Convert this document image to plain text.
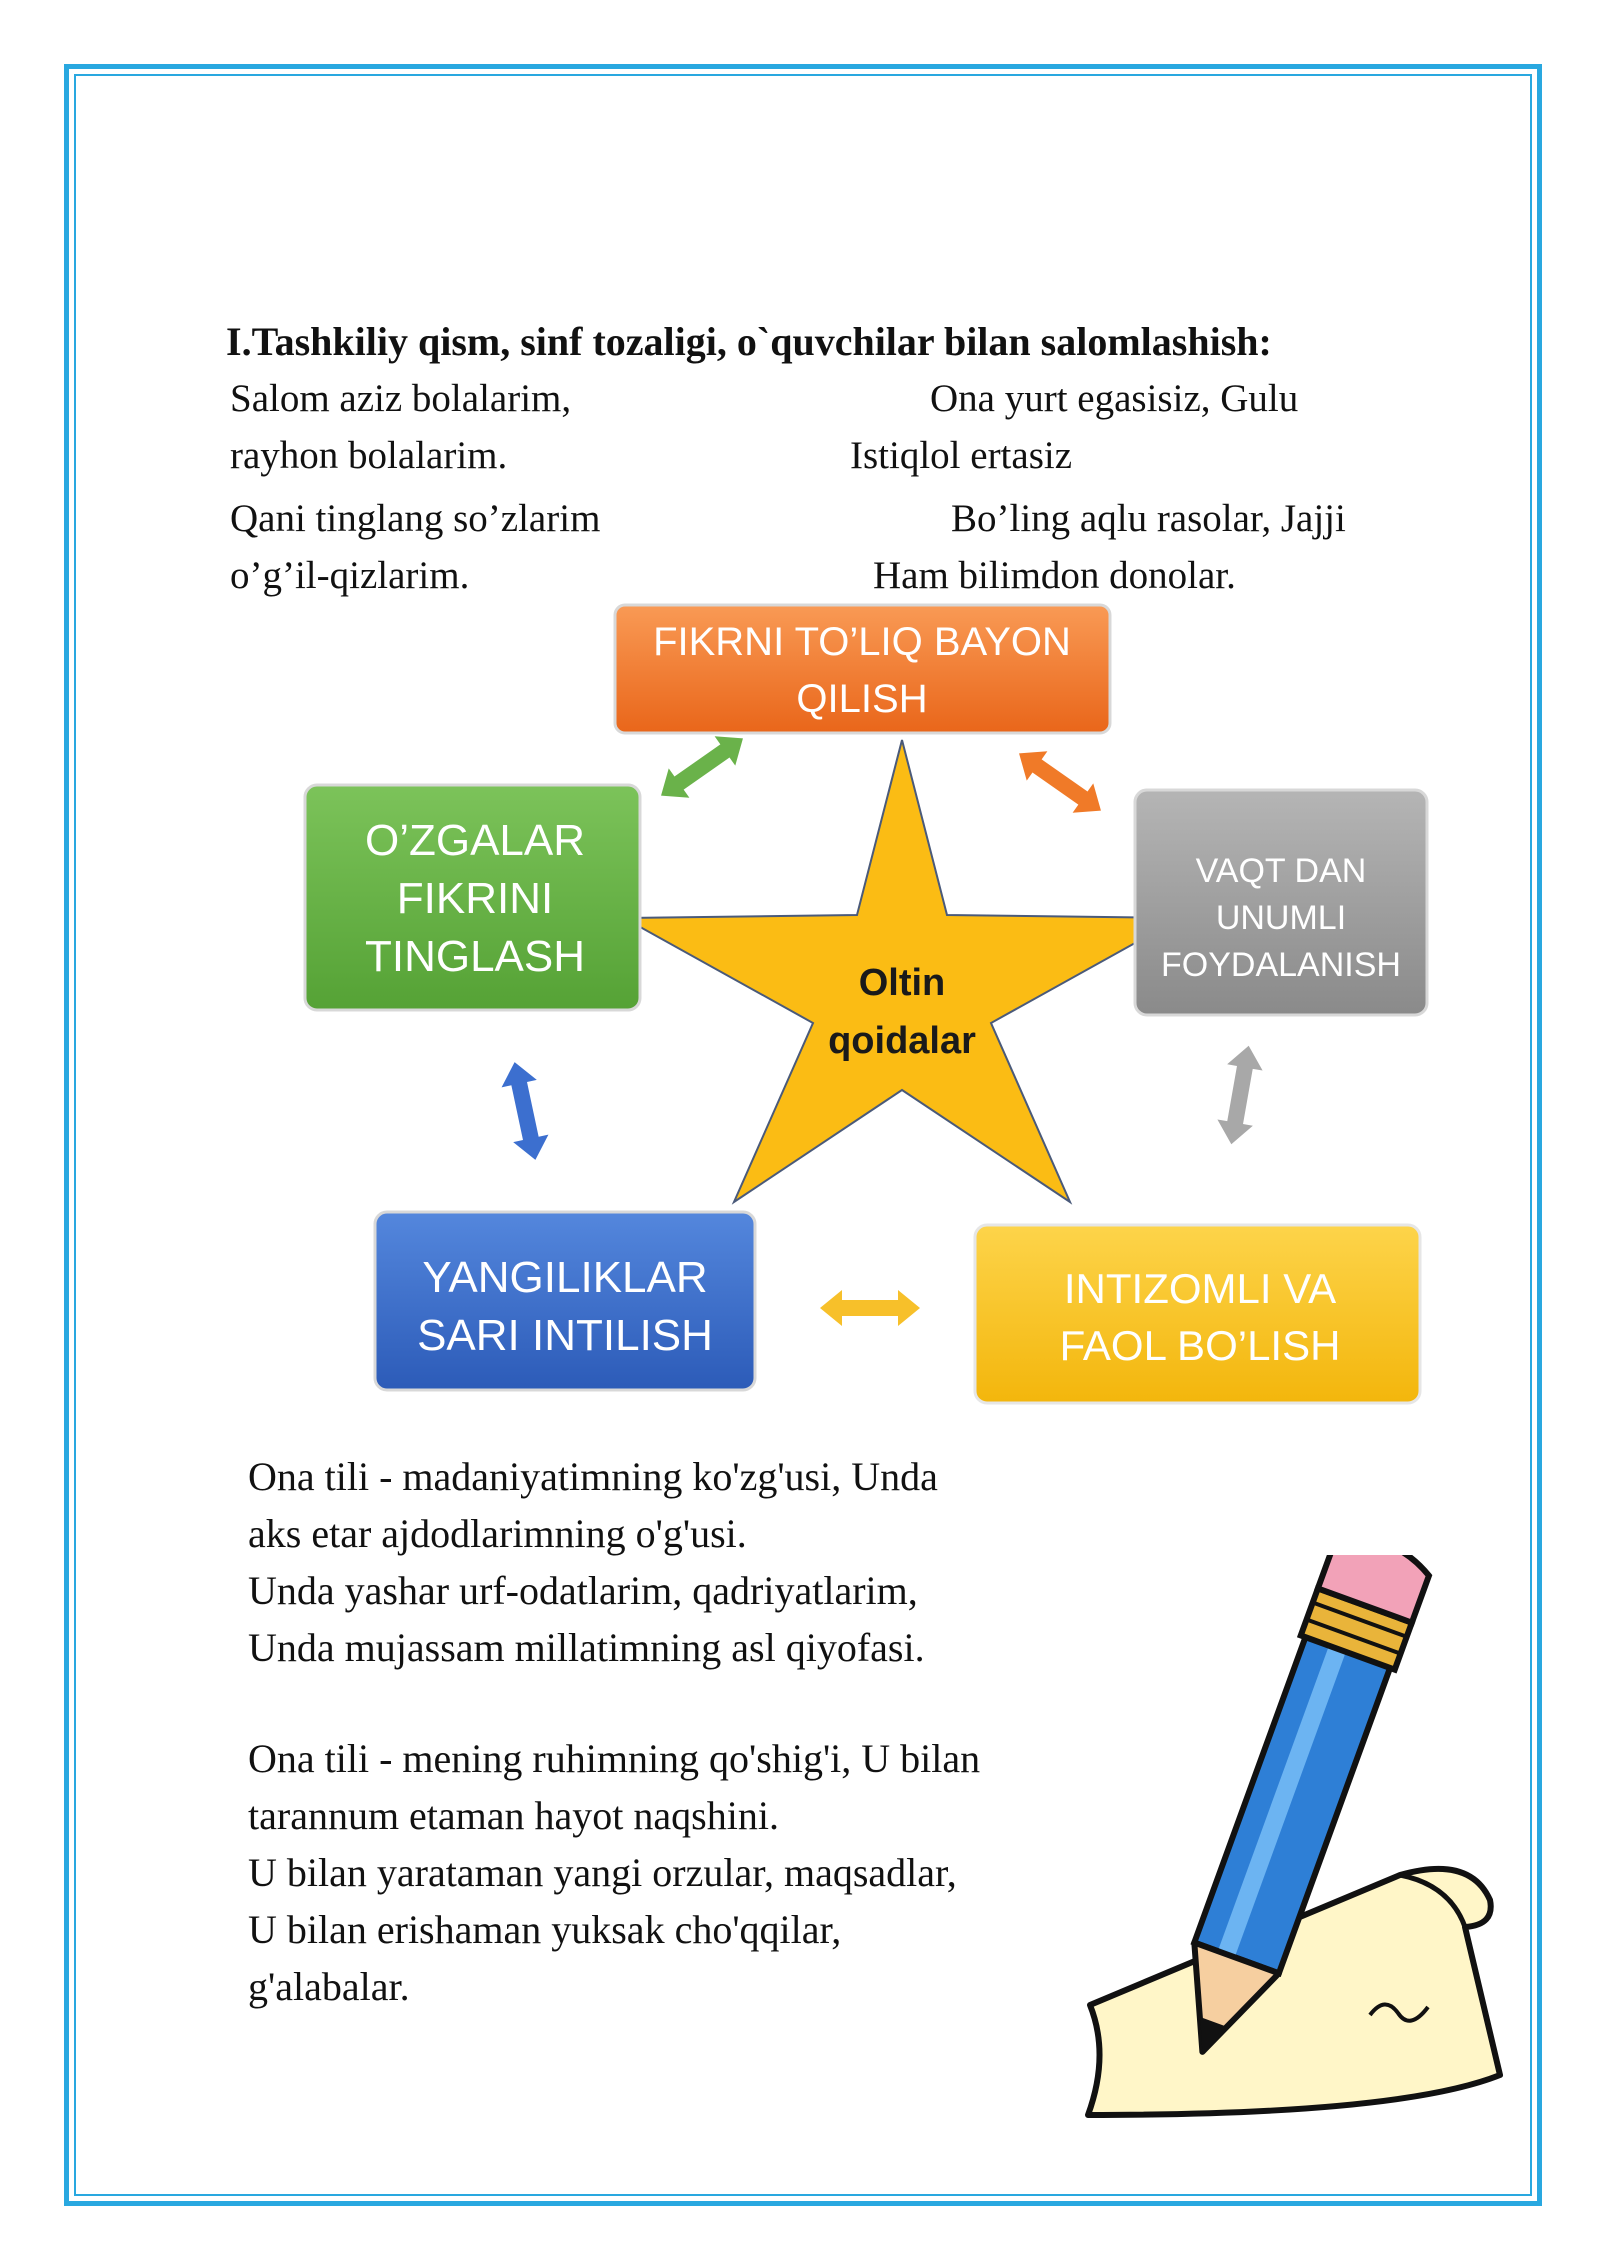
I.Tashkiliy qism, sinf tozaligi, o`quvchilar bilan salomlashish:
Salom aziz bolalarim,
rayhon bolalarim.
Qani tinglang so’zlarim
o’g’il-qizlarim.
Ona yurt egasisiz, Gulu
Istiqlol ertasiz
Bo’ling aqlu rasolar, Jajji
Ham bilimdon donolar.
Oltin
qoidalar
FIKRNI TO’LIQ BAYON
QILISH
VAQT DAN
UNUMLI
FOYDALANISH
INTIZOMLI VA
FAOL BO’LISH
YANGILIKLAR
SARI INTILISH
O’ZGALAR
FIKRINI
TINGLASH
Ona tili - madaniyatimning ko'zg'usi, Unda
aks etar ajdodlarimning o'g'usi.
Unda yashar urf-odatlarim, qadriyatlarim,
Unda mujassam millatimning asl qiyofasi.
Ona tili - mening ruhimning qo'shig'i, U bilan
tarannum etaman hayot naqshini.
U bilan yarataman yangi orzular, maqsadlar,
U bilan erishaman yuksak cho'qqilar,
g'alabalar.
